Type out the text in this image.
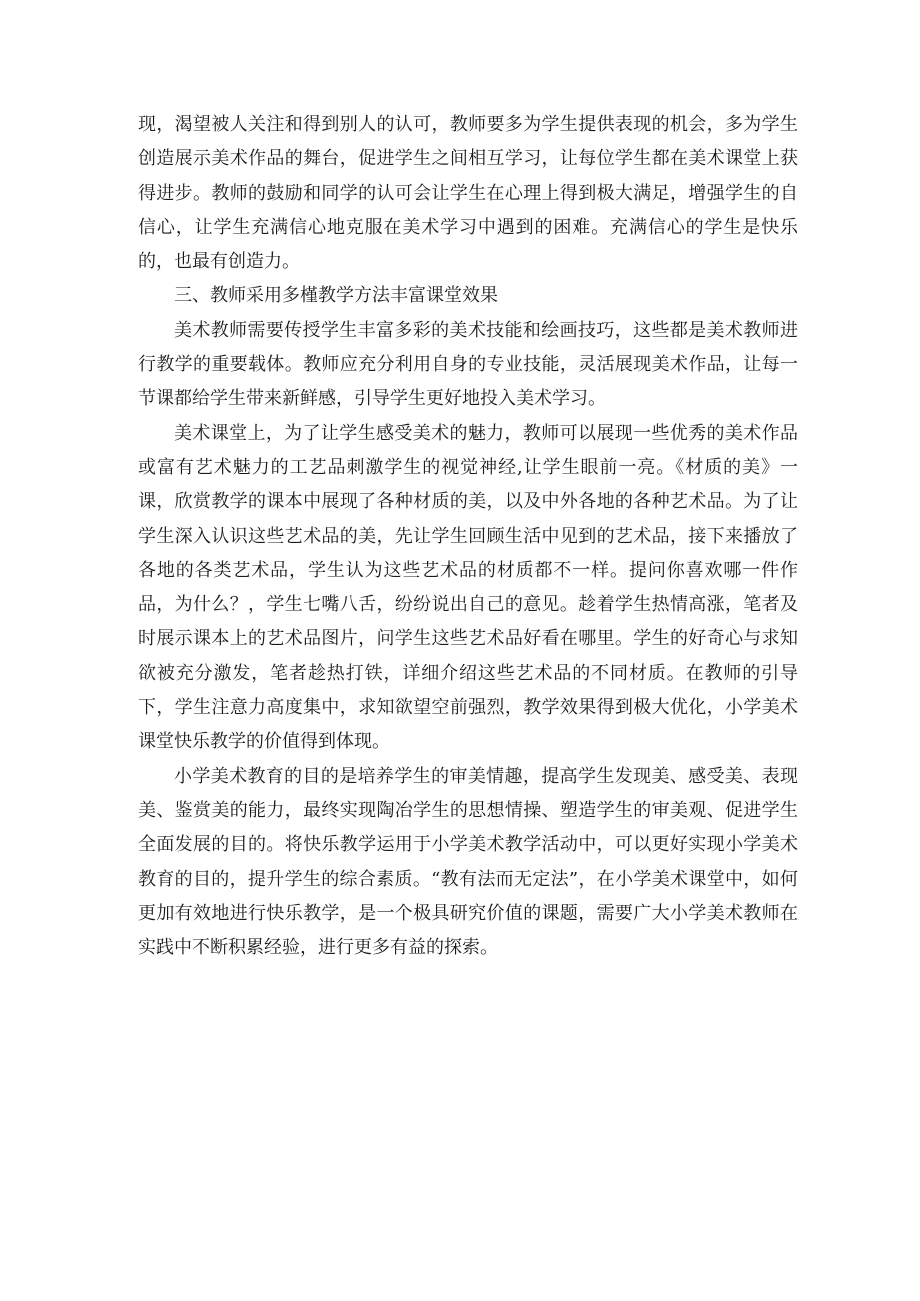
现，渴望被人关注和得到别人的认可，教师要多为学生提供表现的机会，多为学生创造展示美术作品的舞台，促进学生之间相互学习，让每位学生都在美术课堂上获得进步。教师的鼓励和同学的认可会让学生在心理上得到极大满足，增强学生的自信心，让学生充满信心地克服在美术学习中遇到的困难。充满信心的学生是快乐的，也最有创造力。

三、教师采用多槿教学方法丰富课堂效果

美术教师需要传授学生丰富多彩的美术技能和绘画技巧，这些都是美术教师进行教学的重要载体。教师应充分利用自身的专业技能，灵活展现美术作品，让每一节课都给学生带来新鲜感，引导学生更好地投入美术学习。

美术课堂上，为了让学生感受美术的魅力，教师可以展现一些优秀的美术作品或富有艺术魅力的工艺品刺激学生的视觉神经,让学生眼前一亮。《材质的美》一课，欣赏教学的课本中展现了各种材质的美，以及中外各地的各种艺术品。为了让学生深入认识这些艺术品的美，先让学生回顾生活中见到的艺术品，接下来播放了各地的各类艺术品，学生认为这些艺术品的材质都不一样。提问你喜欢哪一件作品，为什么？，学生七嘴八舌，纷纷说出自己的意见。趁着学生热情高涨，笔者及时展示课本上的艺术品图片，问学生这些艺术品好看在哪里。学生的好奇心与求知欲被充分激发，笔者趁热打铁，详细介绍这些艺术品的不同材质。在教师的引导下，学生注意力高度集中，求知欲望空前强烈，教学效果得到极大优化，小学美术课堂快乐教学的价值得到体现。

小学美术教育的目的是培养学生的审美情趣，提高学生发现美、感受美、表现美、鉴赏美的能力，最终实现陶冶学生的思想情操、塑造学生的审美观、促进学生全面发展的目的。将快乐教学运用于小学美术教学活动中，可以更好实现小学美术教育的目的，提升学生的综合素质。“教有法而无定法”，在小学美术课堂中，如何更加有效地进行快乐教学，是一个极具研究价值的课题，需要广大小学美术教师在实践中不断积累经验，进行更多有益的探索。
